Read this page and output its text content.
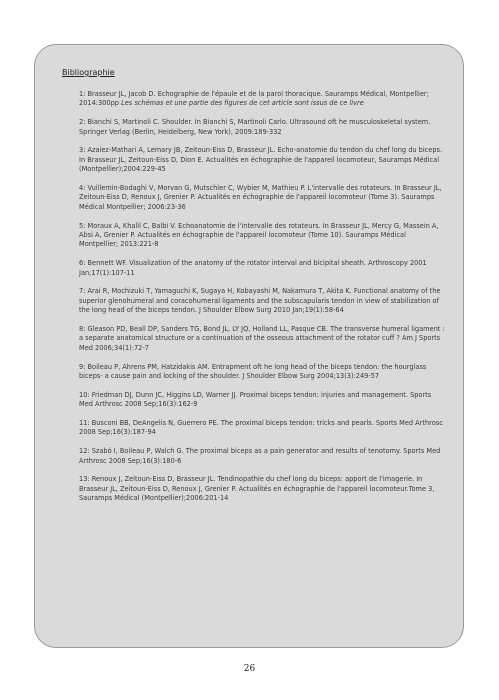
Bibliographie
1: Brasseur JL, Jacob D. Echographie de l'épaule et de la paroi thoracique. Sauramps Médical, Montpellier; 2014:300pp Les schémas et une partie des figures de cet article sont issus de ce livre
2: Bianchi S, Martinoli C. Shoulder. In Bianchi S, Martinoli Carlo. Ultrasound oft he musculoskeletal system. Springer Verlag (Berlin, Heidelberg, New York), 2009:189-332
3: Azaiez-Mathari A, Lemary JB, Zeitoun-Eiss D, Brasseur JL. Echo-anatomie du tendon du chef long du biceps. In Brasseur JL, Zeitoun-Eiss D, Dion E. Actualités en échographie de l'appareil locomoteur, Sauramps Médical (Montpellier);2004:229-45
4: Vuillemin-Bodaghi V, Morvan G, Mutschler C, Wybier M, Mathieu P. L'intervalle des rotateurs. In Brasseur JL, Zeitoun-Eiss D, Renoux J, Grenier P. Actualités en échographie de l'appareil locomoteur (Tome 3). Sauramps Médical Montpellier; 2006:23-36
5: Moraux A, Khalil C, Balbi V. Echoanatomie de l'intervalle des rotateurs. In Brasseur JL, Mercy G, Massein A, Absi A, Grenier P. Actualités en échographie de l'appareil locomoteur (Tome 10). Sauramps Médical Montpellier; 2013:221-8
6: Bennett WF. Visualization of the anatomy of the rotator interval and bicipital sheath. Arthroscopy 2001 Jan;17(1):107-11
7: Arai R, Mochizuki T, Yamaguchi K, Sugaya H, Kobayashi M, Nakamura T, Akita K. Functional anatomy of the superior glenohumeral and coracohumeral ligaments and the subscapularis tendon in view of stabilization of the long head of the biceps tendon. J Shoulder Elbow Surg 2010 Jan;19(1):58-64
8: Gleason PD, Beall DP, Sanders TG, Bond JL, LY JQ, Holland LL, Pasque CB. The transverse humeral ligament : a separate anatomical structure or a continuation of the osseous attachment of the rotator cuff ? Am J Sports Med 2006;34(1):72-7
9: Boileau P, Ahrens PM, Hatzidakis AM. Entrapment oft he long head of the biceps tendon: the hourglass biceps- a cause pain and locking of the shoulder. J Shoulder Elbow Surg 2004;13(3):249-57
10: Friedman DJ, Dunn JC, Higgins LD, Warner JJ. Proximal biceps tendon: injuries and management. Sports Med Arthrosc 2008 Sep;16(3):162-9
11: Busconi BB, DeAngelis N, Guerrero PE. The proximal biceps tendon: tricks and pearls. Sports Med Arthrosc 2008 Sep;16(3):187-94
12: Szabó I, Boileau P, Walch G. The proximal biceps as a pain generator and results of tenotomy. Sports Med Arthrosc 2008 Sep;16(3):180-6
13: Renoux J, Zeitoun-Eiss D, Brasseur JL. Tendinopathie du chef long du biceps: apport de l'imagerie. In Brasseur JL, Zeitoun-Eiss D, Renoux J, Grenier P. Actualités en échographie de l'appareil locomoteur.Tome 3, Sauramps Médical (Montpellier);2006:201-14
26
